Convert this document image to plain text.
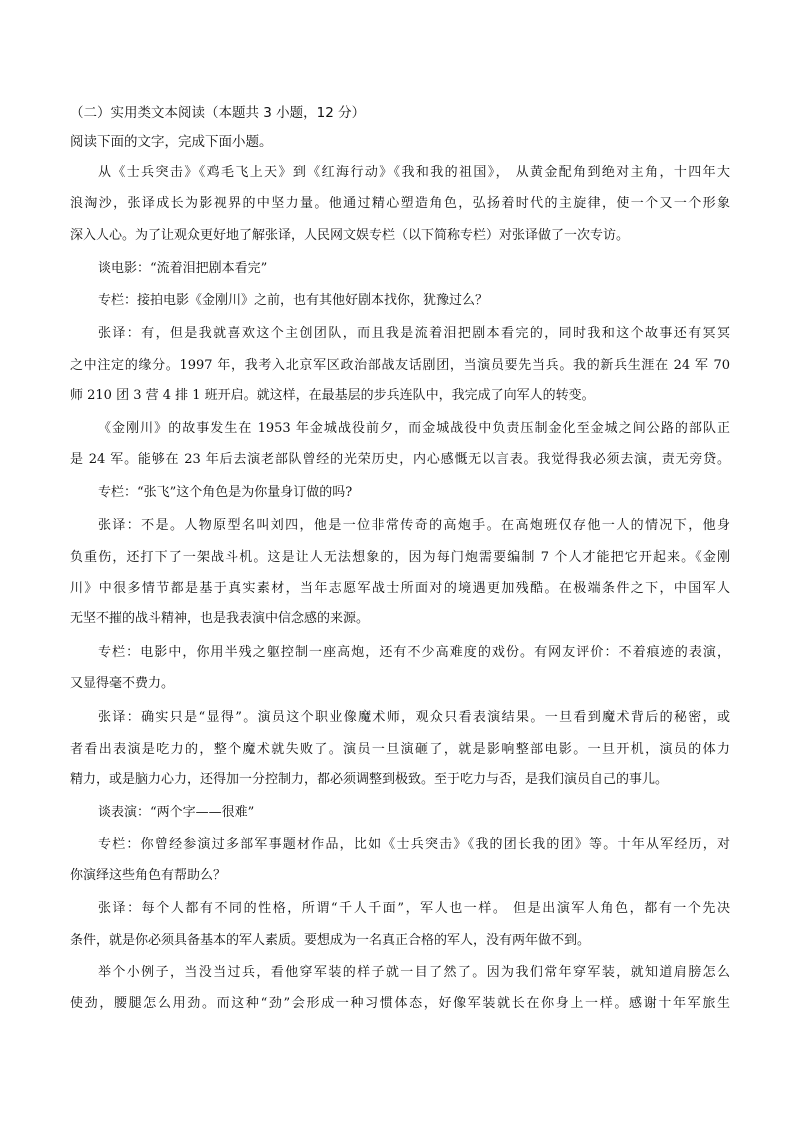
（二）实用类文本阅读（本题共 3 小题，12 分）
阅读下面的文字，完成下面小题。
从《士兵突击》《鸡毛飞上天》到《红海行动》《我和我的祖国》， 从黄金配角到绝对主角，十四年大
浪淘沙，张译成长为影视界的中坚力量。他通过精心塑造角色，弘扬着时代的主旋律，使一个又一个形象
深入人心。为了让观众更好地了解张译，人民网文娱专栏（以下简称专栏）对张译做了一次专访。
谈电影：“流着泪把剧本看完”
专栏：接拍电影《金刚川》之前，也有其他好剧本找你，犹豫过么？
张译：有，但是我就喜欢这个主创团队，而且我是流着泪把剧本看完的，同时我和这个故事还有冥冥
之中注定的缘分。1997 年，我考入北京军区政治部战友话剧团，当演员要先当兵。我的新兵生涯在 24 军 70
师 210 团 3 营 4 排 1 班开启。就这样，在最基层的步兵连队中，我完成了向军人的转变。
《金刚川》的故事发生在 1953 年金城战役前夕，而金城战役中负责压制金化至金城之间公路的部队正
是 24 军。能够在 23 年后去演老部队曾经的光荣历史，内心感慨无以言表。我觉得我必须去演，责无旁贷。
专栏：“张飞”这个角色是为你量身订做的吗?
张译：不是。人物原型名叫刘四，他是一位非常传奇的高炮手。在高炮班仅存他一人的情况下，他身
负重伤，还打下了一架战斗机。这是让人无法想象的，因为每门炮需要编制 7 个人才能把它开起来。《金刚
川》中很多情节都是基于真实素材，当年志愿军战士所面对的境遇更加残酷。在极端条件之下，中国军人
无坚不摧的战斗精神，也是我表演中信念感的来源。
专栏：电影中，你用半残之躯控制一座高炮，还有不少高难度的戏份。有网友评价：不着痕迹的表演，
又显得毫不费力。
张译：确实只是“显得”。演员这个职业像魔术师，观众只看表演结果。一旦看到魔术背后的秘密，或
者看出表演是吃力的，整个魔术就失败了。演员一旦演砸了，就是影响整部电影。一旦开机，演员的体力
精力，或是脑力心力，还得加一分控制力，都必须调整到极致。至于吃力与否，是我们演员自己的事儿。
谈表演：“两个字——很难”
专栏：你曾经参演过多部军事题材作品，比如《士兵突击》《我的团长我的团》等。十年从军经历，对
你演绎这些角色有帮助么？
张译：每个人都有不同的性格，所谓“千人千面”，军人也一样。 但是出演军人角色，都有一个先决
条件，就是你必须具备基本的军人素质。要想成为一名真正合格的军人，没有两年做不到。
举个小例子，当没当过兵，看他穿军装的样子就一目了然了。因为我们常年穿军装，就知道肩膀怎么
使劲，腰腿怎么用劲。而这种“劲”会形成一种习惯体态，好像军装就长在你身上一样。感谢十年军旅生
